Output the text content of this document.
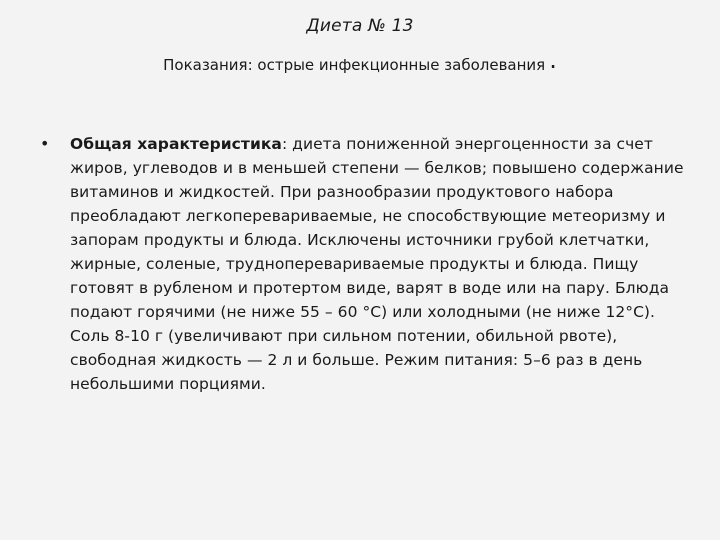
Диета № 13
Показания: острые инфекционные заболевания .
•	Общая характеристика: диета пониженной энергоценности за счет жиров, углеводов и в меньшей степени — белков; повышено содержание витаминов и жидкостей. При разнообразии продуктового набора преобладают легкоперевариваемые, не способствующие метеоризму и запорам продукты и блюда. Исключены источники грубой клетчатки, жирные, соленые, трудноперевариваемые продукты и блюда. Пищу готовят в рубленом и протертом виде, варят в воде или на пару. Блюда подают горячими (не ниже 55 – 60 °С) или холодными (не ниже 12°С). Соль 8-10 г (увеличивают при сильном потении, обильной рвоте), свободная жидкость — 2 л и больше. Режим питания: 5–6 раз в день небольшими порциями.
